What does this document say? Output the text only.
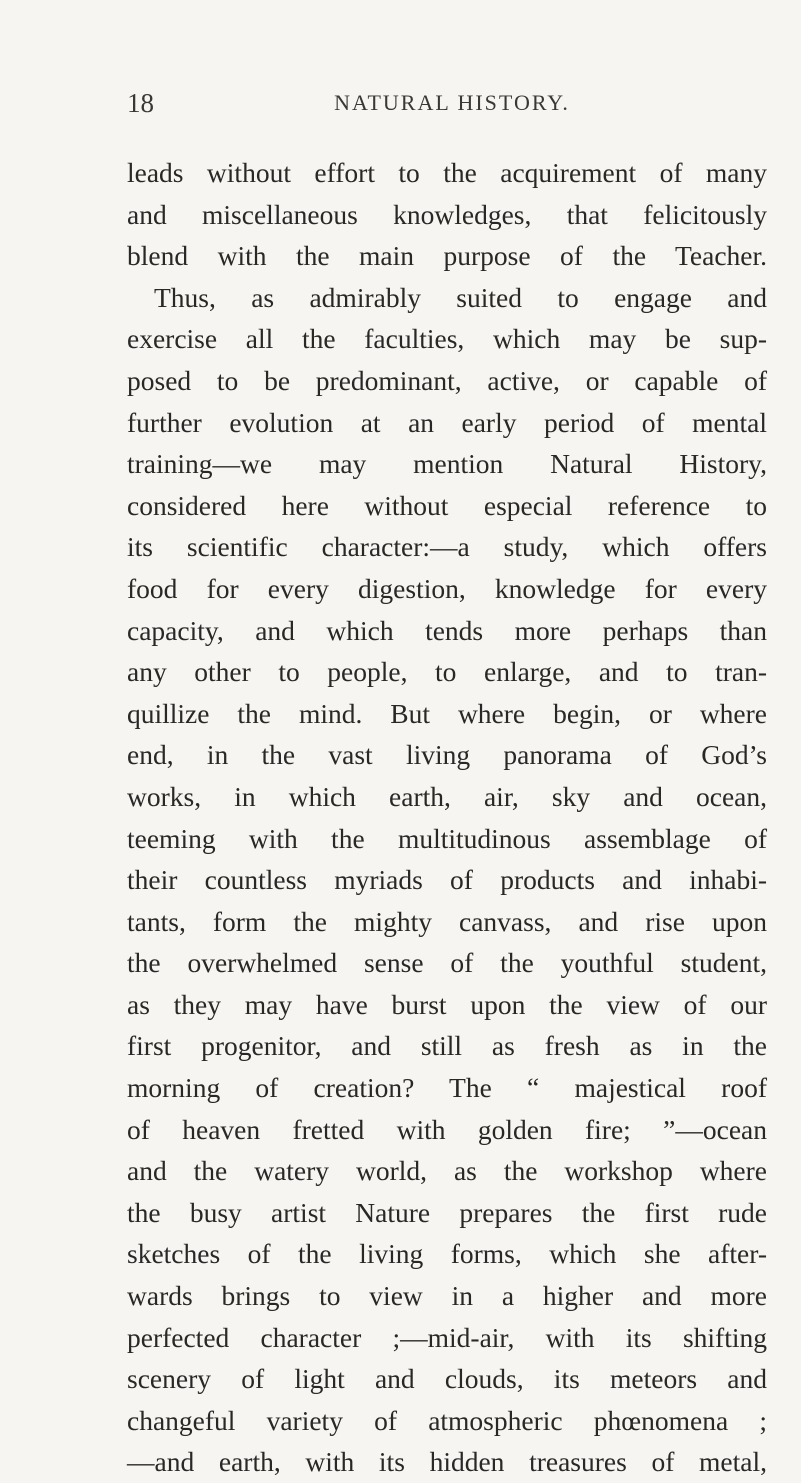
18	NATURAL HISTORY.
leads without effort to the acquirement of many
and miscellaneous knowledges, that felicitously
blend with the main purpose of the Teacher.
Thus, as admirably suited to engage and
exercise all the faculties, which may be sup-
posed to be predominant, active, or capable of
further evolution at an early period of mental
training—we may mention Natural History,
considered here without especial reference to
its scientific character:—a study, which offers
food for every digestion, knowledge for every
capacity, and which tends more perhaps than
any other to people, to enlarge, and to tran-
quillize the mind. But where begin, or where
end, in the vast living panorama of God’s
works, in which earth, air, sky and ocean,
teeming with the multitudinous assemblage of
their countless myriads of products and inhabi-
tants, form the mighty canvass, and rise upon
the overwhelmed sense of the youthful student,
as they may have burst upon the view of our
first progenitor, and still as fresh as in the
morning of creation? The “ majestical roof
of heaven fretted with golden fire; ”—ocean
and the watery world, as the workshop where
the busy artist Nature prepares the first rude
sketches of the living forms, which she after-
wards brings to view in a higher and more
perfected character ;—mid-air, with its shifting
scenery of light and clouds, its meteors and
changeful variety of atmospheric phœnomena ;
—and earth, with its hidden treasures of metal,
